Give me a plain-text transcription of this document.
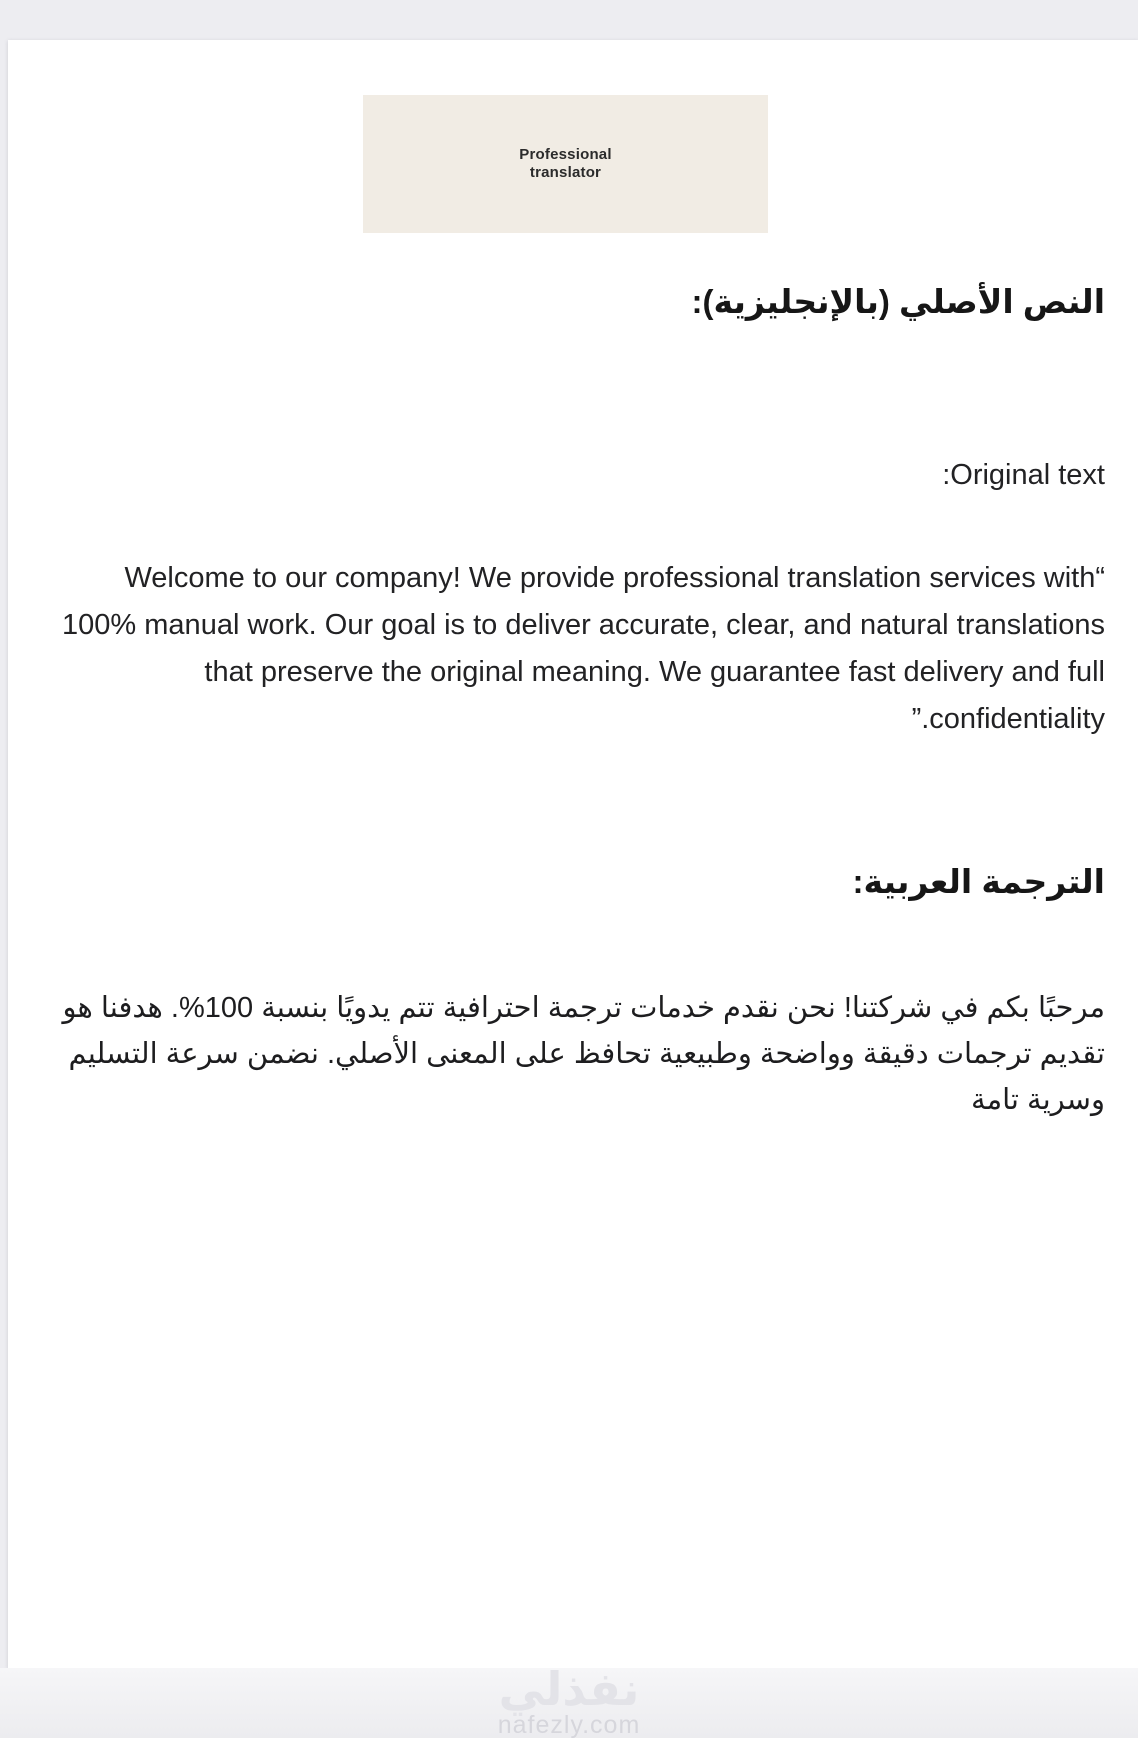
Professional
translator
النص الأصلي (بالإنجليزية):
Original text:
“Welcome to our company! We provide professional translation services with 100% manual work. Our goal is to deliver accurate, clear, and natural translations that preserve the original meaning. We guarantee fast delivery and full confidentiality.”
الترجمة العربية:
مرحبًا بكم في شركتنا! نحن نقدم خدمات ترجمة احترافية تتم يدويًا بنسبة 100%. هدفنا هو تقديم ترجمات دقيقة وواضحة وطبيعية تحافظ على المعنى الأصلي. نضمن سرعة التسليم وسرية تامة
نفذلي
nafezly.com
